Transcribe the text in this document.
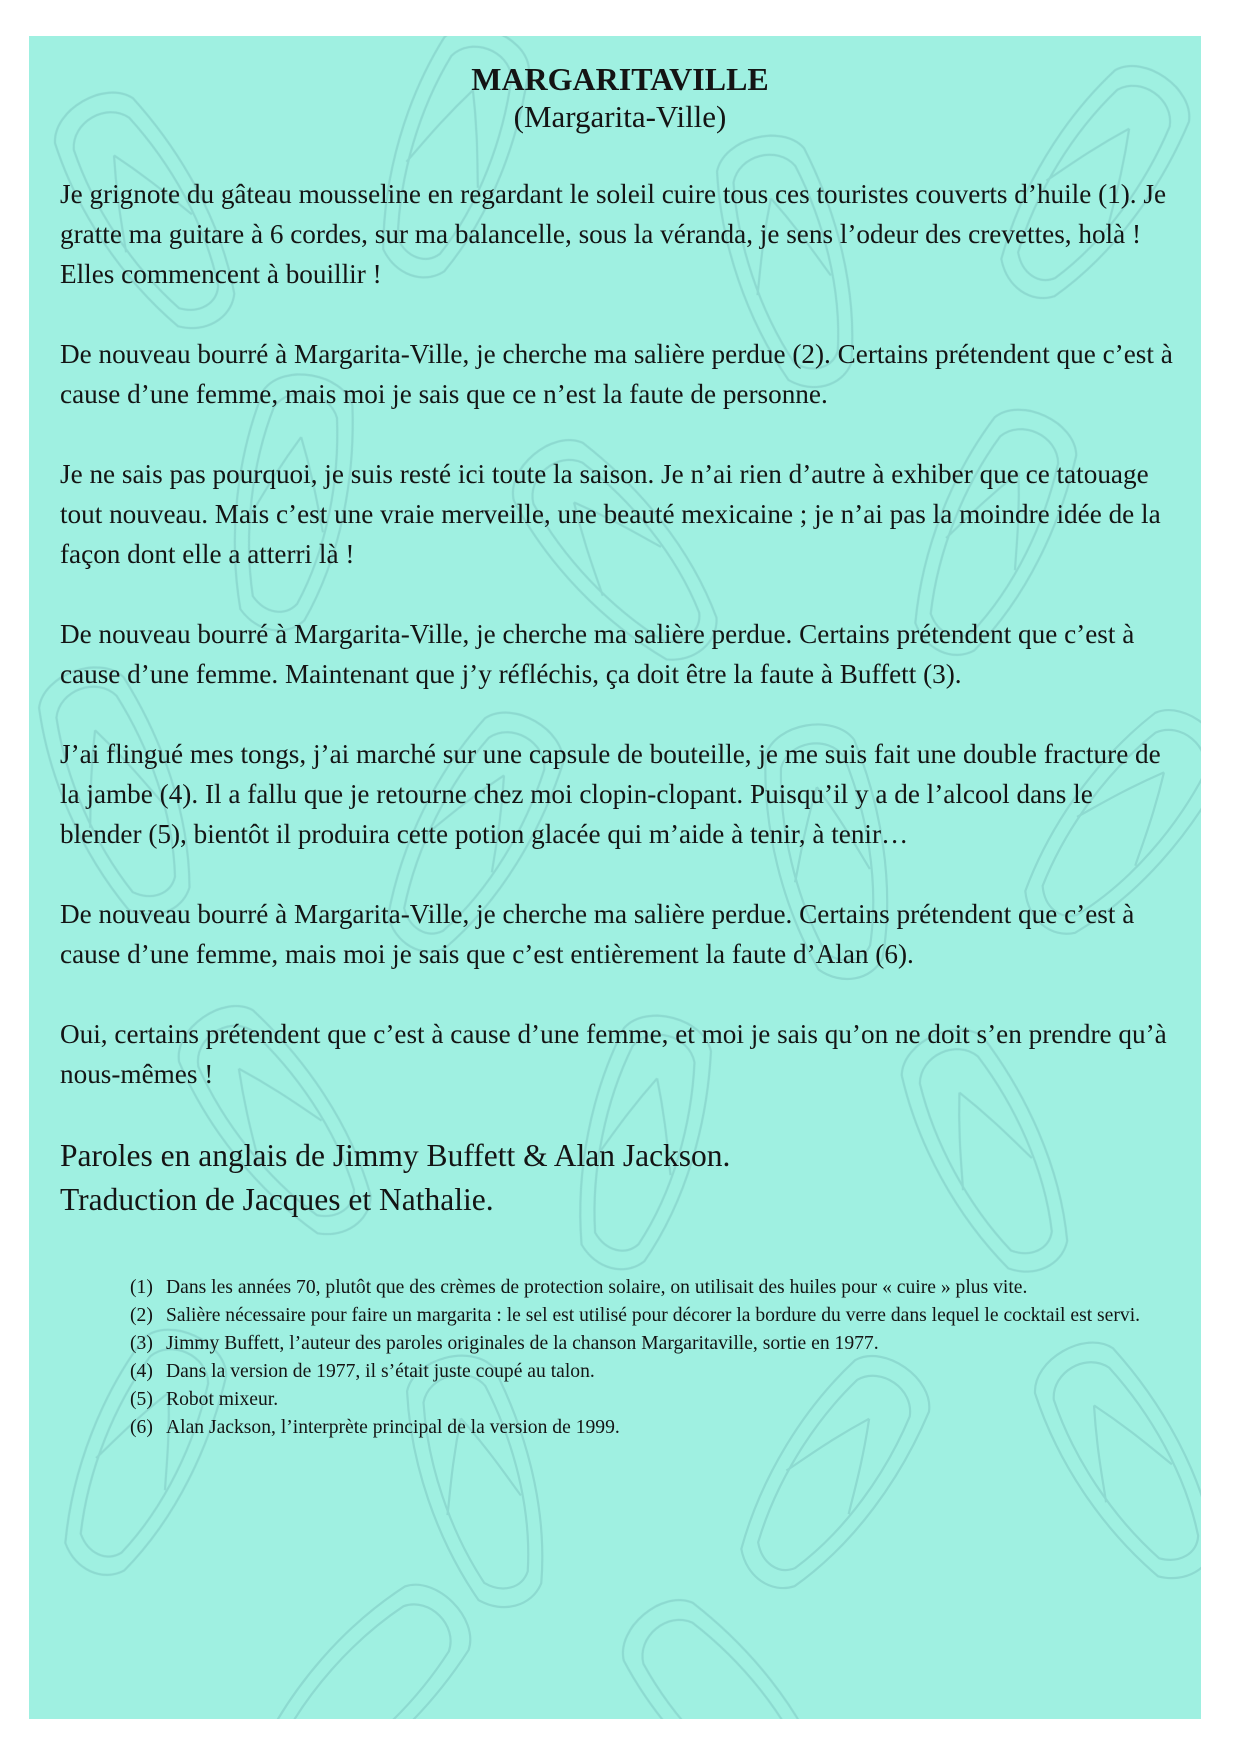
MARGARITAVILLE
(Margarita-Ville)

Je grignote du gâteau mousseline en regardant le soleil cuire tous ces touristes couverts d’huile (1). Je gratte ma guitare à 6 cordes, sur ma balancelle, sous la véranda, je sens l’odeur des crevettes, holà ! Elles commencent à bouillir !

De nouveau bourré à Margarita-Ville, je cherche ma salière perdue (2). Certains prétendent que c’est à cause d’une femme, mais moi je sais que ce n’est la faute de personne.

Je ne sais pas pourquoi, je suis resté ici toute la saison. Je n’ai rien d’autre à exhiber que ce tatouage tout nouveau. Mais c’est une vraie merveille, une beauté mexicaine ; je n’ai pas la moindre idée de la façon dont elle a atterri là !

De nouveau bourré à Margarita-Ville, je cherche ma salière perdue. Certains prétendent que c’est à cause d’une femme. Maintenant que j’y réfléchis, ça doit être la faute à Buffett (3).

J’ai flingué mes tongs, j’ai marché sur une capsule de bouteille, je me suis fait une double fracture de la jambe (4). Il a fallu que je retourne chez moi clopin-clopant. Puisqu’il y a de l’alcool dans le blender (5), bientôt il produira cette potion glacée qui m’aide à tenir, à tenir…

De nouveau bourré à Margarita-Ville, je cherche ma salière perdue. Certains prétendent que c’est à cause d’une femme, mais moi je sais que c’est entièrement la faute d’Alan (6).

Oui, certains prétendent que c’est à cause d’une femme, et moi je sais qu’on ne doit s’en prendre qu’à nous-mêmes !

Paroles en anglais de Jimmy Buffett & Alan Jackson.
Traduction de Jacques et Nathalie.
(1) Dans les années 70, plutôt que des crèmes de protection solaire, on utilisait des huiles pour « cuire » plus vite.
(2) Salière nécessaire pour faire un margarita : le sel est utilisé pour décorer la bordure du verre dans lequel le cocktail est servi.
(3) Jimmy Buffett, l’auteur des paroles originales de la chanson Margaritaville, sortie en 1977.
(4) Dans la version de 1977, il s’était juste coupé au talon.
(5) Robot mixeur.
(6) Alan Jackson, l’interprète principal de la version de 1999.
